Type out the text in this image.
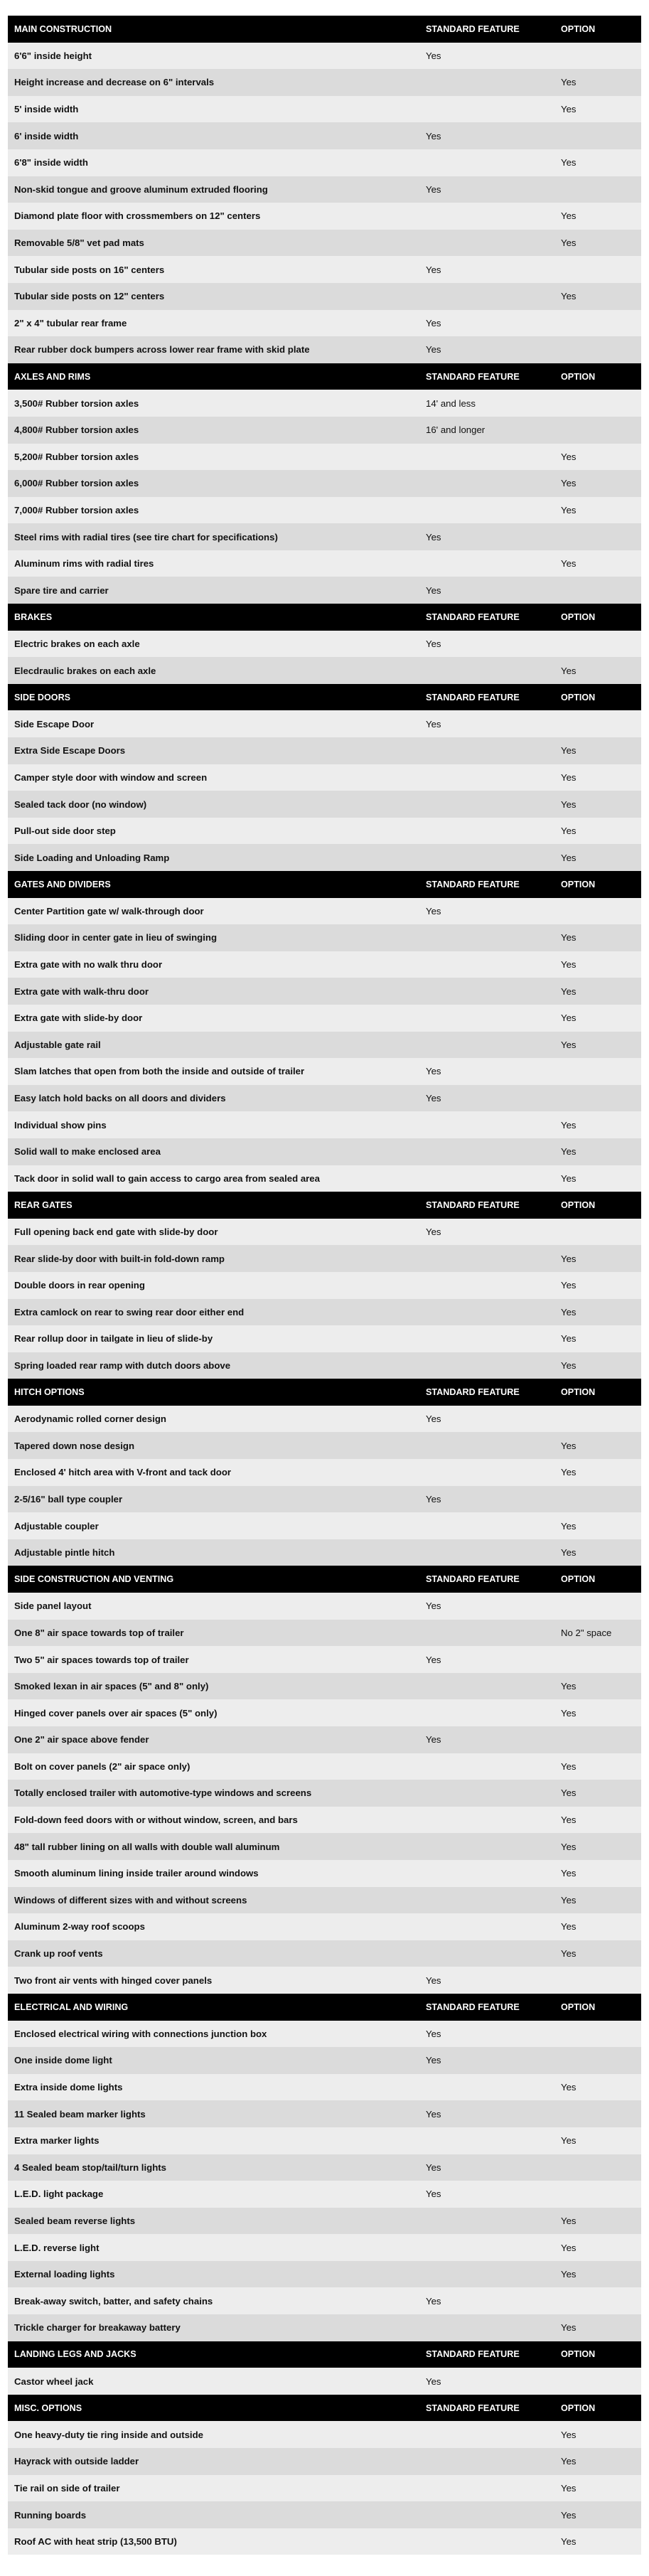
MAIN CONSTRUCTION	STANDARD FEATURE	OPTION
6'6" inside height	Yes	
Height increase and decrease on 6" intervals		Yes
5' inside width		Yes
6' inside width	Yes	
6'8" inside width		Yes
Non-skid tongue and groove aluminum extruded flooring	Yes	
Diamond plate floor with crossmembers on 12" centers		Yes
Removable 5/8" vet pad mats		Yes
Tubular side posts on 16" centers	Yes	
Tubular side posts on 12" centers		Yes
2" x 4" tubular rear frame	Yes	
Rear rubber dock bumpers across lower rear frame with skid plate	Yes	
AXLES AND RIMS	STANDARD FEATURE	OPTION
3,500# Rubber torsion axles	14' and less	
4,800# Rubber torsion axles	16' and longer	
5,200# Rubber torsion axles		Yes
6,000# Rubber torsion axles		Yes
7,000# Rubber torsion axles		Yes
Steel rims with radial tires (see tire chart for specifications)	Yes	
Aluminum rims with radial tires		Yes
Spare tire and carrier	Yes	
BRAKES	STANDARD FEATURE	OPTION
Electric brakes on each axle	Yes	
Elecdraulic brakes on each axle		Yes
SIDE DOORS	STANDARD FEATURE	OPTION
Side Escape Door	Yes	
Extra Side Escape Doors		Yes
Camper style door with window and screen		Yes
Sealed tack door (no window)		Yes
Pull-out side door step		Yes
Side Loading and Unloading Ramp		Yes
GATES AND DIVIDERS	STANDARD FEATURE	OPTION
Center Partition gate w/ walk-through door	Yes	
Sliding door in center gate in lieu of swinging		Yes
Extra gate with no walk thru door		Yes
Extra gate with walk-thru door		Yes
Extra gate with slide-by door		Yes
Adjustable gate rail		Yes
Slam latches that open from both the inside and outside of trailer	Yes	
Easy latch hold backs on all doors and dividers	Yes	
Individual show pins		Yes
Solid wall to make enclosed area		Yes
Tack door in solid wall to gain access to cargo area from sealed area		Yes
REAR GATES	STANDARD FEATURE	OPTION
Full opening back end gate with slide-by door	Yes	
Rear slide-by door with built-in fold-down ramp		Yes
Double doors in rear opening		Yes
Extra camlock on rear to swing rear door either end		Yes
Rear rollup door in tailgate in lieu of slide-by		Yes
Spring loaded rear ramp with dutch doors above		Yes
HITCH OPTIONS	STANDARD FEATURE	OPTION
Aerodynamic rolled corner design	Yes	
Tapered down nose design		Yes
Enclosed 4' hitch area with V-front and tack door		Yes
2-5/16" ball type coupler	Yes	
Adjustable coupler		Yes
Adjustable pintle hitch		Yes
SIDE CONSTRUCTION AND VENTING	STANDARD FEATURE	OPTION
Side panel layout	Yes	
One 8" air space towards top of trailer		No 2" space
Two 5" air spaces towards top of trailer	Yes	
Smoked lexan in air spaces (5" and 8" only)		Yes
Hinged cover panels over air spaces (5" only)		Yes
One 2" air space above fender	Yes	
Bolt on cover panels (2" air space only)		Yes
Totally enclosed trailer with automotive-type windows and screens		Yes
Fold-down feed doors with or without window, screen, and bars		Yes
48" tall rubber lining on all walls with double wall aluminum		Yes
Smooth aluminum lining inside trailer around windows		Yes
Windows of different sizes with and without screens		Yes
Aluminum 2-way roof scoops		Yes
Crank up roof vents		Yes
Two front air vents with hinged cover panels	Yes	
ELECTRICAL AND WIRING	STANDARD FEATURE	OPTION
Enclosed electrical wiring with connections junction box	Yes	
One inside dome light	Yes	
Extra inside dome lights		Yes
11 Sealed beam marker lights	Yes	
Extra marker lights		Yes
4 Sealed beam stop/tail/turn lights	Yes	
L.E.D. light package	Yes	
Sealed beam reverse lights		Yes
L.E.D. reverse light		Yes
External loading lights		Yes
Break-away switch, batter, and safety chains	Yes	
Trickle charger for breakaway battery		Yes
LANDING LEGS AND JACKS	STANDARD FEATURE	OPTION
Castor wheel jack	Yes	
MISC. OPTIONS	STANDARD FEATURE	OPTION
One heavy-duty tie ring inside and outside		Yes
Hayrack with outside ladder		Yes
Tie rail on side of trailer		Yes
Running boards		Yes
Roof AC with heat strip (13,500 BTU)		Yes
